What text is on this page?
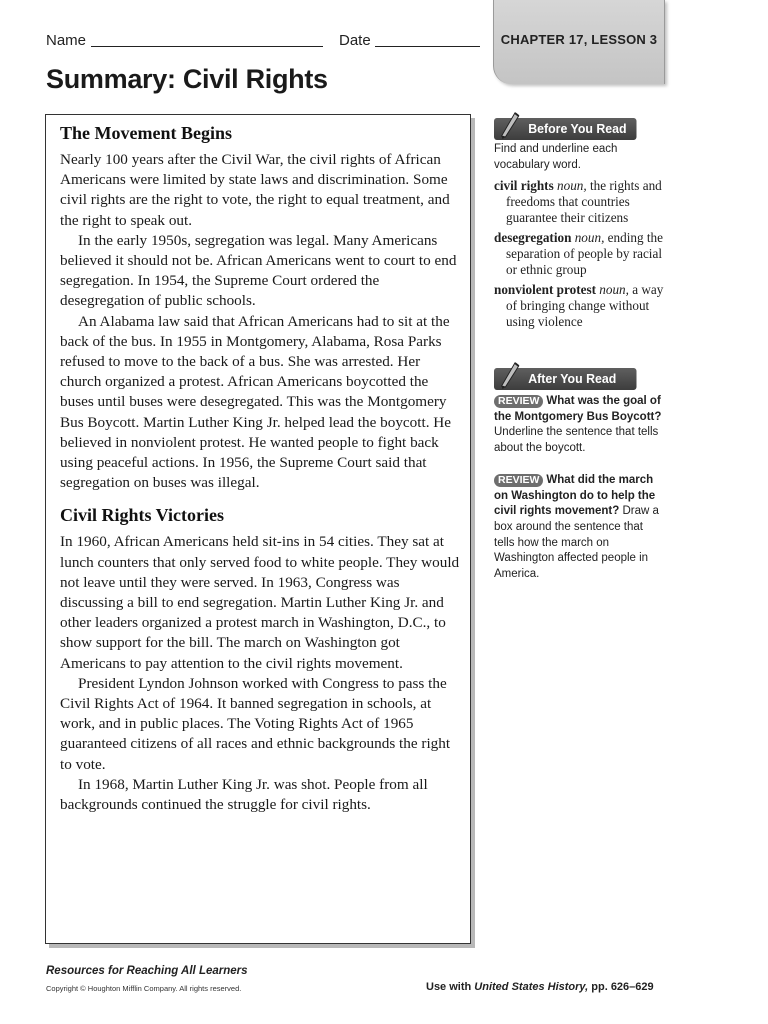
Name	Date	CHAPTER 17, LESSON 3
Summary: Civil Rights
The Movement Begins

Nearly 100 years after the Civil War, the civil rights of African Americans were limited by state laws and discrimination. Some civil rights are the right to vote, the right to equal treatment, and the right to speak out.

In the early 1950s, segregation was legal. Many Americans believed it should not be. African Americans went to court to end segregation. In 1954, the Supreme Court ordered the desegregation of public schools.

An Alabama law said that African Americans had to sit at the back of the bus. In 1955 in Montgomery, Alabama, Rosa Parks refused to move to the back of a bus. She was arrested. Her church organized a protest. African Americans boycotted the buses until buses were desegregated. This was the Montgomery Bus Boycott. Martin Luther King Jr. helped lead the boycott. He believed in nonviolent protest. He wanted people to fight back using peaceful actions. In 1956, the Supreme Court said that segregation on buses was illegal.

Civil Rights Victories

In 1960, African Americans held sit-ins in 54 cities. They sat at lunch counters that only served food to white people. They would not leave until they were served. In 1963, Congress was discussing a bill to end segregation. Martin Luther King Jr. and other leaders organized a protest march in Washington, D.C., to show support for the bill. The march on Washington got Americans to pay attention to the civil rights movement.

President Lyndon Johnson worked with Congress to pass the Civil Rights Act of 1964. It banned segregation in schools, at work, and in public places. The Voting Rights Act of 1965 guaranteed citizens of all races and ethnic backgrounds the right to vote.

In 1968, Martin Luther King Jr. was shot. People from all backgrounds continued the struggle for civil rights.

Before You Read

Find and underline each vocabulary word.

civil rights noun, the rights and freedoms that countries guarantee their citizens

desegregation noun, ending the separation of people by racial or ethnic group

nonviolent protest noun, a way of bringing change without using violence

After You Read

REVIEW What was the goal of the Montgomery Bus Boycott? Underline the sentence that tells about the boycott.

REVIEW What did the march on Washington do to help the civil rights movement? Draw a box around the sentence that tells how the march on Washington affected people in America.

Resources for Reaching All Learners
Copyright © Houghton Mifflin Company. All rights reserved.	Use with United States History, pp. 626–629
